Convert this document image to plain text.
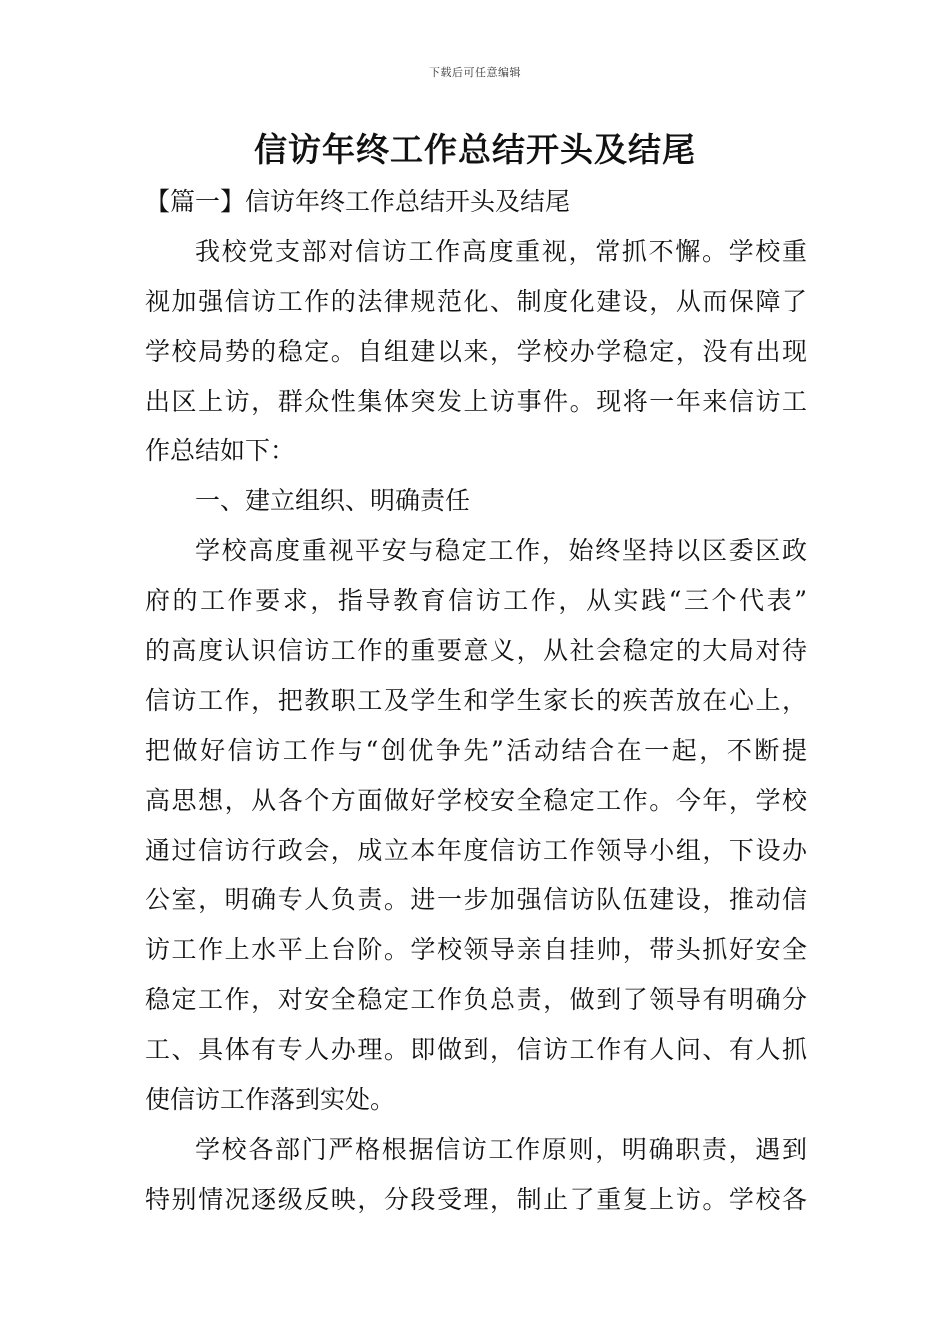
下载后可任意编辑
信访年终工作总结开头及结尾
【篇一】信访年终工作总结开头及结尾
我校党支部对信访工作高度重视，常抓不懈。学校重
视加强信访工作的法律规范化、制度化建设，从而保障了
学校局势的稳定。自组建以来，学校办学稳定，没有出现
出区上访，群众性集体突发上访事件。现将一年来信访工
作总结如下：
一、建立组织、明确责任
学校高度重视平安与稳定工作，始终坚持以区委区政
府的工作要求，指导教育信访工作，从实践“三个代表”
的高度认识信访工作的重要意义，从社会稳定的大局对待
信访工作，把教职工及学生和学生家长的疾苦放在心上，
把做好信访工作与“创优争先”活动结合在一起，不断提
高思想，从各个方面做好学校安全稳定工作。今年，学校
通过信访行政会，成立本年度信访工作领导小组，下设办
公室，明确专人负责。进一步加强信访队伍建设，推动信
访工作上水平上台阶。学校领导亲自挂帅，带头抓好安全
稳定工作，对安全稳定工作负总责，做到了领导有明确分
工、具体有专人办理。即做到，信访工作有人问、有人抓
使信访工作落到实处。
学校各部门严格根据信访工作原则，明确职责，遇到
特别情况逐级反映，分段受理，制止了重复上访。学校各
